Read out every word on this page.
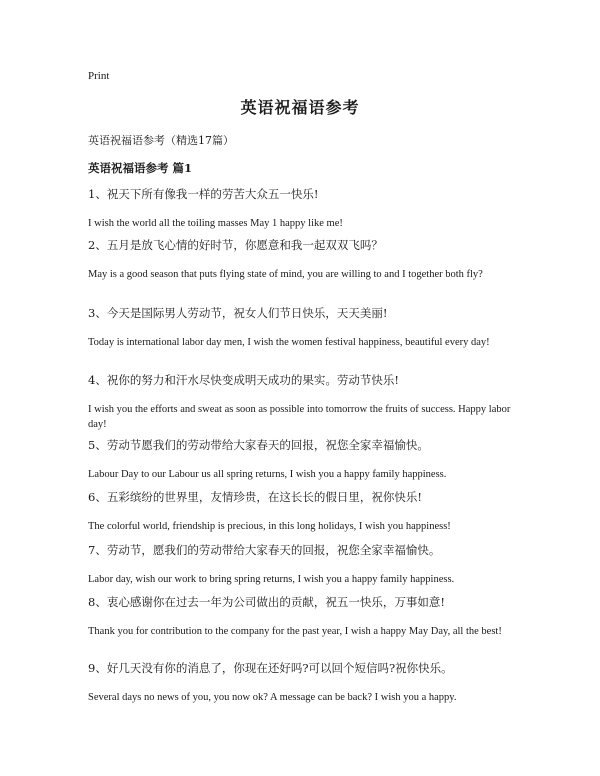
Print
英语祝福语参考
英语祝福语参考（精选17篇）
英语祝福语参考 篇1
1、祝天下所有像我一样的劳苦大众五一快乐!
I wish the world all the toiling masses May 1 happy like me!
2、五月是放飞心情的好时节，你愿意和我一起双双飞吗？
May is a good season that puts flying state of mind, you are willing to and I together both fly?
3、今天是国际男人劳动节，祝女人们节日快乐，天天美丽!
Today is international labor day men, I wish the women festival happiness, beautiful every day!
4、祝你的努力和汗水尽快变成明天成功的果实。劳动节快乐!
I wish you the efforts and sweat as soon as possible into tomorrow the fruits of success. Happy labor day!
5、劳动节愿我们的劳动带给大家春天的回报，祝您全家幸福愉快。
Labour Day to our Labour us all spring returns, I wish you a happy family happiness.
6、五彩缤纷的世界里，友情珍贵，在这长长的假日里，祝你快乐!
The colorful world, friendship is precious, in this long holidays, I wish you happiness!
7、劳动节，愿我们的劳动带给大家春天的回报，祝您全家幸福愉快。
Labor day, wish our work to bring spring returns, I wish you a happy family happiness.
8、衷心感谢你在过去一年为公司做出的贡献，祝五一快乐，万事如意!
Thank you for contribution to the company for the past year, I wish a happy May Day, all the best!
9、好几天没有你的消息了，你现在还好吗?可以回个短信吗?祝你快乐。
Several days no news of you, you now ok? A message can be back? I wish you a happy.
